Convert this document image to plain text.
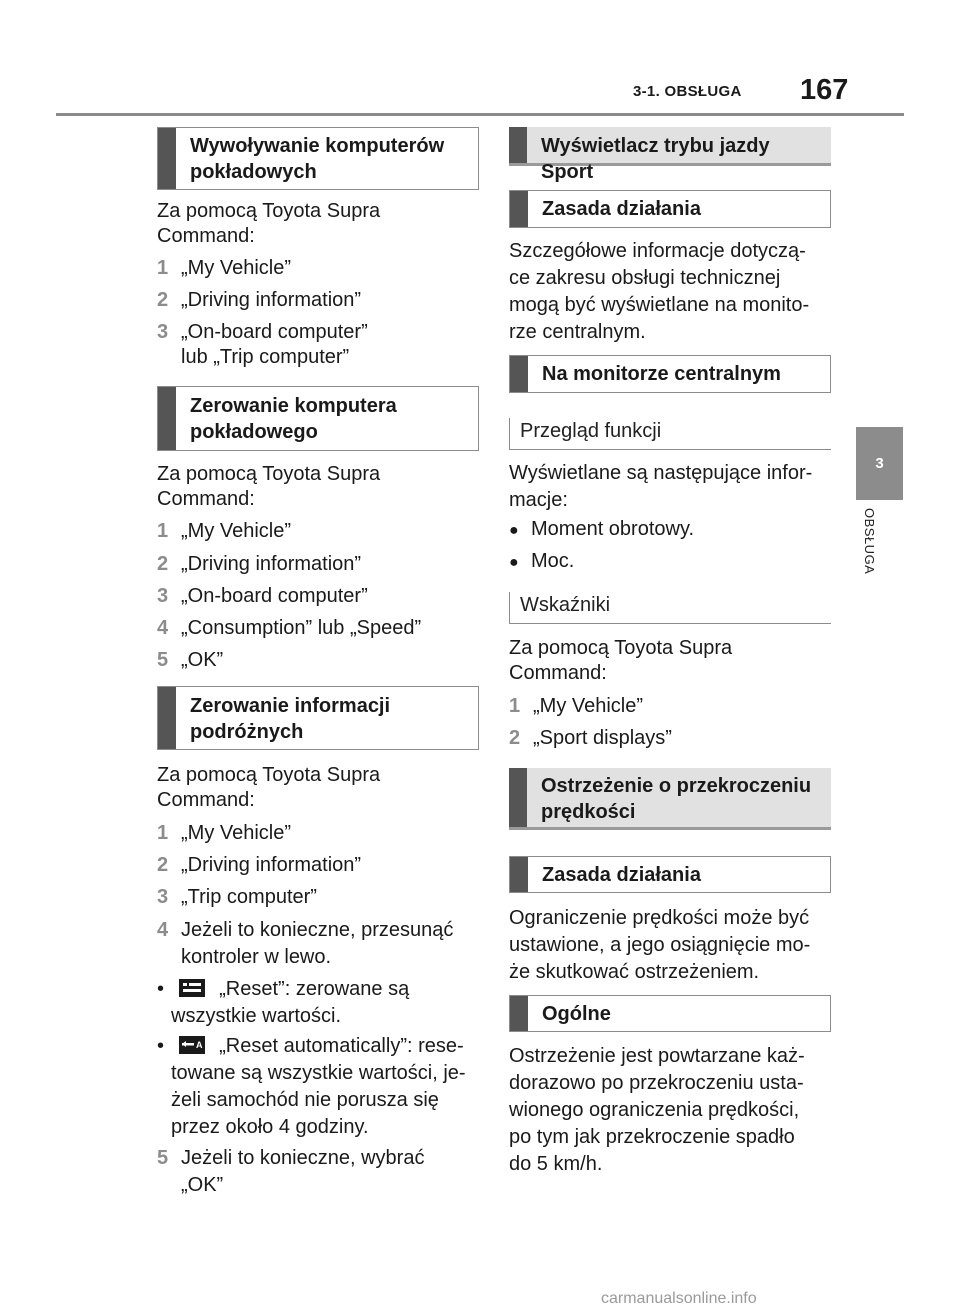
3-1. OBSŁUGA 167
3
OBSŁUGA
Wywoływanie komputerów
pokładowych
Za pomocą Toyota Supra
Command:
1 „My Vehicle”
2 „Driving information”
3 „On-board computer”
lub „Trip computer”
Zerowanie komputera
pokładowego
Za pomocą Toyota Supra
Command:
1 „My Vehicle”
2 „Driving information”
3 „On-board computer”
4 „Consumption” lub „Speed”
5 „OK”
Zerowanie informacji
podróżnych
Za pomocą Toyota Supra
Command:
1 „My Vehicle”
2 „Driving information”
3 „Trip computer”
4 Jeżeli to konieczne, przesunąć
kontroler w lewo.
•	„Reset”: zerowane są
wszystkie wartości.
•	A „Reset automatically”: rese-
towane są wszystkie wartości, je-
żeli samochód nie porusza się
przez około 4 godziny.
5 Jeżeli to konieczne, wybrać
„OK”
Wyświetlacz trybu jazdy Sport
Zasada działania
Szczegółowe informacje dotyczą-
ce zakresu obsługi technicznej
mogą być wyświetlane na monito-
rze centralnym.
Na monitorze centralnym
Przegląd funkcji
Wyświetlane są następujące infor-
macje:
● Moment obrotowy.
● Moc.
Wskaźniki
Za pomocą Toyota Supra
Command:
1 „My Vehicle”
2 „Sport displays”
Ostrzeżenie o przekroczeniu
prędkości
Zasada działania
Ograniczenie prędkości może być
ustawione, a jego osiągnięcie mo-
że skutkować ostrzeżeniem.
Ogólne
Ostrzeżenie jest powtarzane każ-
dorazowo po przekroczeniu usta-
wionego ograniczenia prędkości,
po tym jak przekroczenie spadło
do 5 km/h.
carmanualsonline.info
